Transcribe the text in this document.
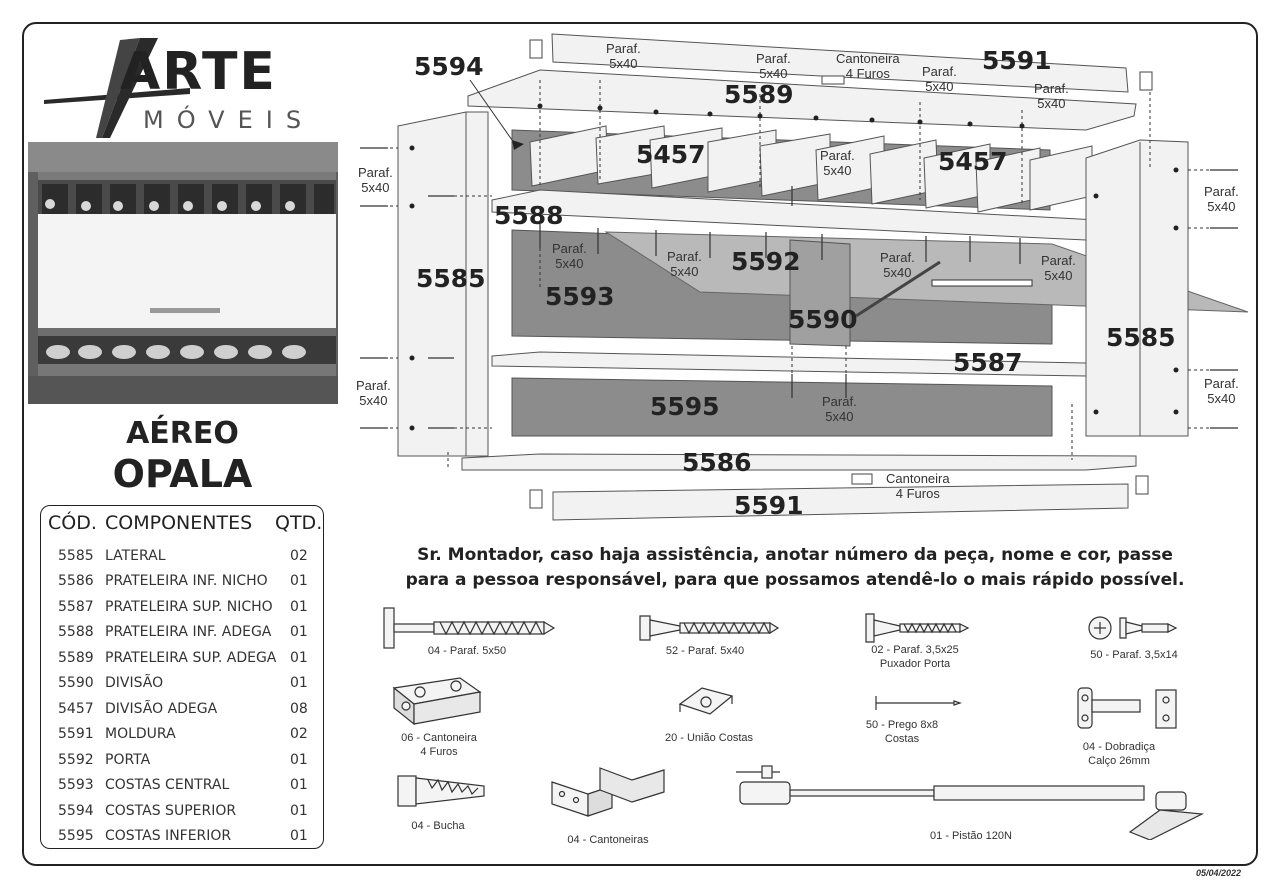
ARTE
MÓVEIS
AÉREO
OPALA
CÓD. COMPONENTES QTD.
5585 LATERAL	02
5586 PRATELEIRA INF. NICHO 01
5587 PRATELEIRA SUP. NICHO 01
5588 PRATELEIRA INF. ADEGA 01
5589 PRATELEIRA SUP. ADEGA 01
5590 DIVISÃO	01
5457 DIVISÃO ADEGA	08
5591 MOLDURA	02
5592 PORTA	01
5593 COSTAS CENTRAL	01
5594 COSTAS SUPERIOR	01
5595 COSTAS INFERIOR	01
5594	5591
5589
5457	5457
5588
5585
5593
5592
5590
5585
5587
5595
5586
5591
Paraf.
5x40	Paraf.
5x40
Cantoneira
4 Furos	Paraf.
5x40	Paraf.
5x40
Paraf.
5x40
Paraf.
5x40
Paraf.
5x40
Paraf.
5x40	Paraf.
5x40
Paraf.
5x40
Paraf.
5x40
Paraf.
5x40
Paraf.
5x40
Paraf.
5x40
Cantoneira
4 Furos
Sr. Montador, caso haja assistência, anotar número da peça, nome e cor, passe para a pessoa responsável, para que possamos atendê-lo o mais rápido possível.
04 - Paraf. 5x50	52 - Paraf. 5x40	02 - Paraf. 3,5x25
Puxador Porta
50 - Paraf. 3,5x14
06 - Cantoneira
4 Furos
20 - União Costas
50 - Prego 8x8
Costas
04 - Dobradiça
Calço 26mm
04 - Bucha
04 - Cantoneiras	01 - Pistão 120N
05/04/2022
